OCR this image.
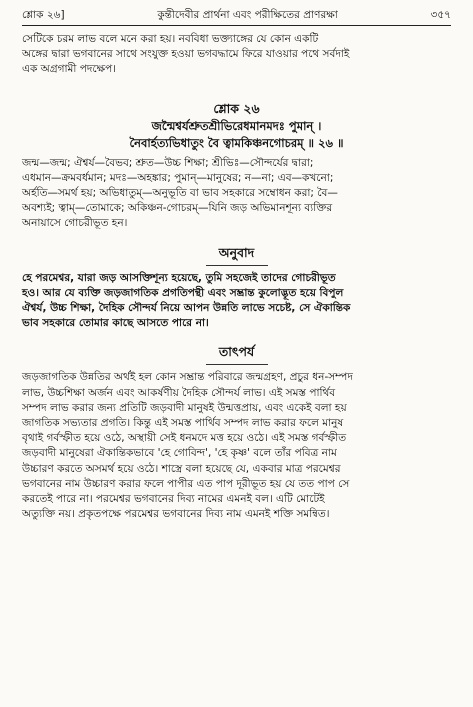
শ্লোক ২৬]	কুন্তীদেবীর প্রার্থনা এবং পরীক্ষিতের প্রাণরক্ষা	৩৫৭

সেটিকে চরম লাভ বলে মনে করা হয়। নববিধা ভক্ত্যাঙ্গের যে কোন একটি

অঙ্গের দ্বারা ভগবানের সাথে সংযুক্ত হওয়া ভগবদ্ধামে ফিরে যাওয়ার পথে সর্বদাই

এক অগ্রগামী পদক্ষেপ।

শ্লোক ২৬

জন্মৈশ্বর্যশ্রুতশ্রীভিরেধমানমদঃ পুমান্ ।

নৈবার্হত্যভিধাতুং বৈ ত্বামকিঞ্চনগোচরম্ ॥ ২৬ ॥

জন্ম—জন্ম; ঐশ্বর্য—বৈভব; শ্রুত—উচ্চ শিক্ষা; শ্রীভিঃ—সৌন্দর্যের দ্বারা;

এধমান—ক্রমবর্ধমান; মদঃ—অহঙ্কার; পুমান্—মানুষের; ন—না; এব—কখনো;

অর্হতি—সমর্থ হয়; অভিধাতুম্—অনুভূতি বা ভাব সহকারে সম্বোধন করা; বৈ—

অবশ্যই; ত্বাম্—তোমাকে; অকিঞ্চন-গোচরম্—যিনি জড় অভিমানশূন্য ব্যক্তির

অনায়াসে গোচরীভূত হন।

অনুবাদ

হে পরমেশ্বর, যারা জড় আসক্তিশূন্য হয়েছে, তুমি সহজেই তাদের গোচরীভূত

হও। আর যে ব্যক্তি জড়জাগতিক প্রগতিপন্থী এবং সম্ভ্রান্ত কুলোদ্ভূত হয়ে বিপুল

ঐশ্বর্য, উচ্চ শিক্ষা, দৈহিক সৌন্দর্য নিয়ে আপন উন্নতি লাভে সচেষ্ট, সে ঐকান্তিক

ভাব সহকারে তোমার কাছে আসতে পারে না।

তাৎপর্য

জড়জাগতিক উন্নতির অর্থই হল কোন সম্ভ্রান্ত পরিবারে জন্মগ্রহণ, প্রচুর ধন-সম্পদ

লাভ, উচ্চশিক্ষা অর্জন এবং আকর্ষণীয় দৈহিক সৌন্দর্য লাভ। এই সমস্ত পার্থিব

সম্পদ লাভ করার জন্য প্রতিটি জড়বাদী মানুষই উন্মত্তপ্রায়, এবং একেই বলা হয়

জাগতিক সভ্যতার প্রগতি। কিন্তু এই সমস্ত পার্থিব সম্পদ লাভ করার ফলে মানুষ

বৃথাই গর্বস্ফীত হয়ে ওঠে, অস্থায়ী সেই ধনমদে মত্ত হয়ে ওঠে। এই সমস্ত গর্বস্ফীত

জড়বাদী মানুষেরা ঐকান্তিকভাবে 'হে গোবিন্দ', 'হে কৃষ্ণ' বলে তাঁর পবিত্র নাম

উচ্চারণ করতে অসমর্থ হয়ে ওঠে। শাস্ত্রে বলা হয়েছে যে, একবার মাত্র পরমেশ্বর

ভগবানের নাম উচ্চারণ করার ফলে পাপীর এত পাপ দূরীভূত হয় যে তত পাপ সে

করতেই পারে না। পরমেশ্বর ভগবানের দিব্য নামের এমনই বল। এটি মোটেই

অত্যুক্তি নয়। প্রকৃতপক্ষে পরমেশ্বর ভগবানের দিব্য নাম এমনই শক্তি সমন্বিত।
